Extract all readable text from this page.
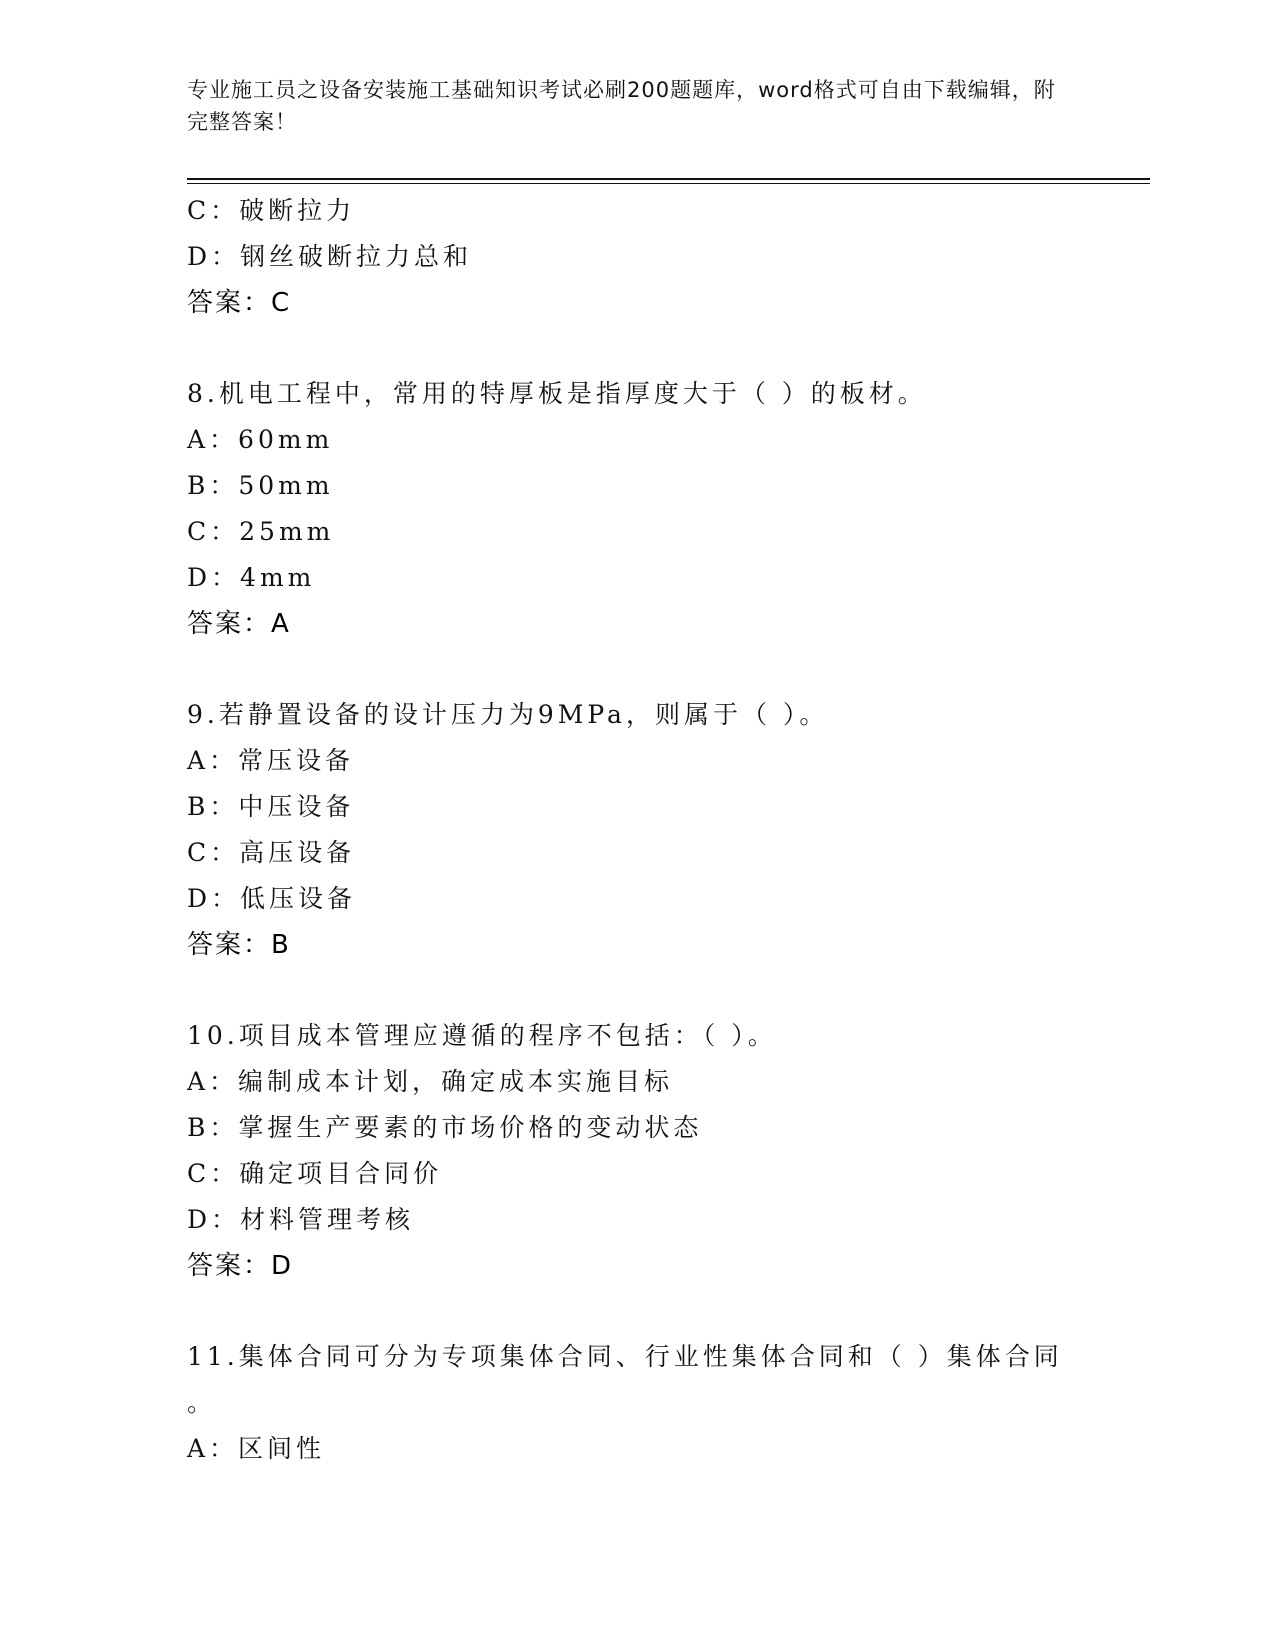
专业施工员之设备安装施工基础知识考试必刷200题题库，word格式可自由下载编辑，附完整答案！
C：破断拉力
D：钢丝破断拉力总和
答案：C
8.机电工程中，常用的特厚板是指厚度大于（ ）的板材。
A：60mm
B：50mm
C：25mm
D：4mm
答案：A
9.若静置设备的设计压力为9MPa，则属于（ ）。
A：常压设备
B：中压设备
C：高压设备
D：低压设备
答案：B
10.项目成本管理应遵循的程序不包括：（ ）。
A：编制成本计划，确定成本实施目标
B：掌握生产要素的市场价格的变动状态
C：确定项目合同价
D：材料管理考核
答案：D
11.集体合同可分为专项集体合同、行业性集体合同和（ ）集体合同
。
A：区间性
